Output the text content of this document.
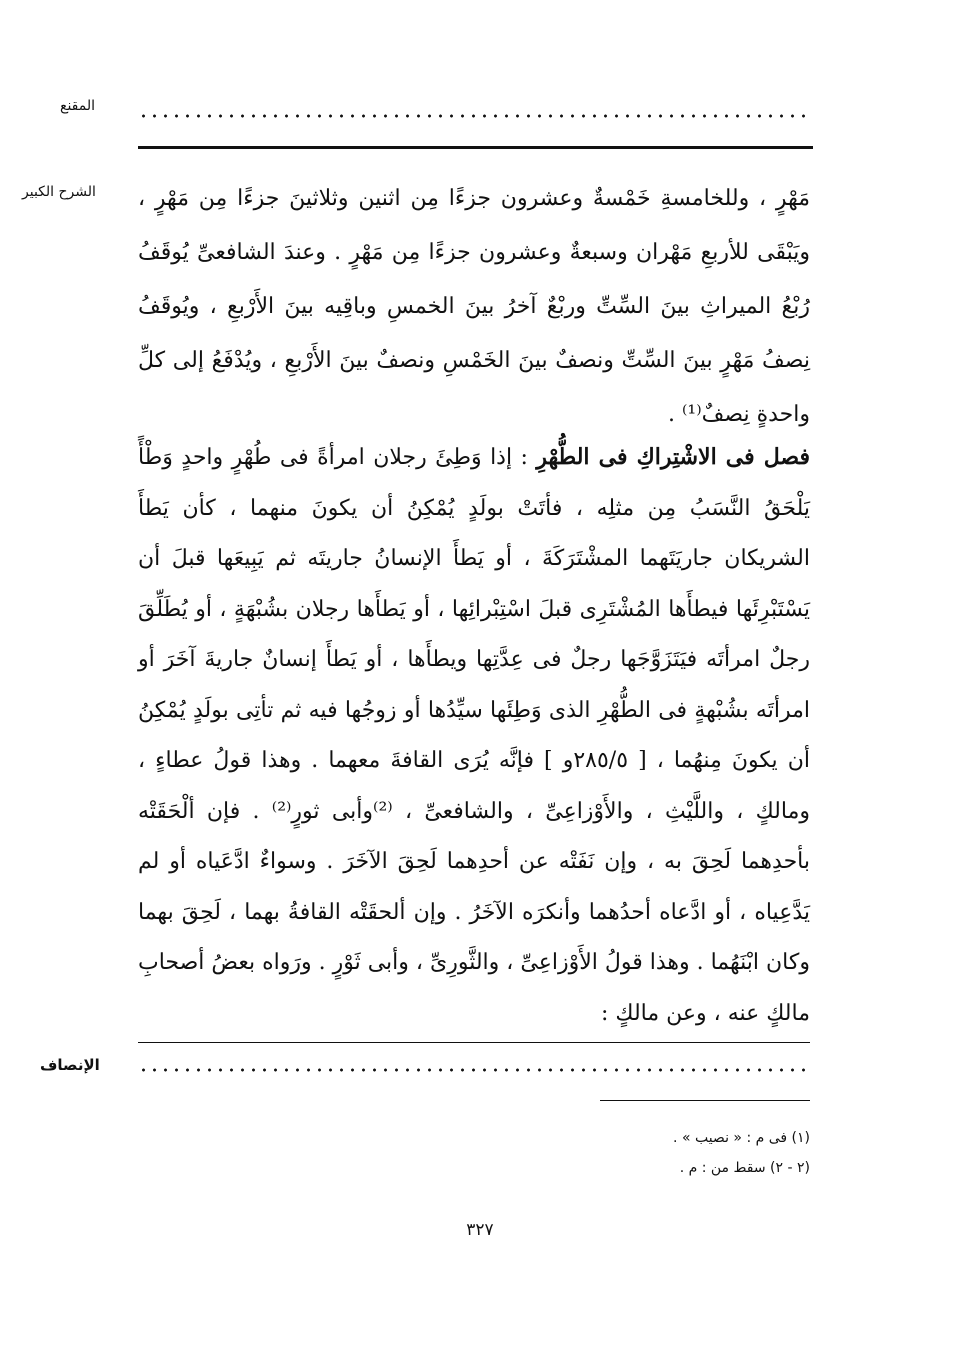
المقنع
الشرح الكبير مَهْرٍ ، وللخامسةِ خَمْسةٌ وعشرون جزءًا مِن اثنين وثلاثينَ جزءًا مِن مَهْرٍ ، ويَبْقَى للأربعِ مَهْران وسبعةٌ وعشرون جزءًا مِن مَهْرٍ . وعندَ الشافعىِّ يُوقَفُ رُبْعُ الميراثِ بينَ السِّتِّ وربْعٌ آخرُ بينَ الخمسِ وباقِيه بينَ الأَرْبعِ ، ويُوقَفُ نِصفُ مَهْرٍ بينَ السِّتِّ ونصفٌ بينَ الخَمْسِ ونصفٌ بينَ الأَرْبعِ ، ويُدْفَعُ إلى كلِّ واحدةٍ نِصفٌ⁽¹⁾ .

فصل فى الاشْتِراكِ فى الطُّهْرِ : إذا وَطِئَ رجلان امرأةً فى طُهْرٍ واحدٍ وَطْأً يَلْحَقُ النَّسَبُ مِن مثلِه ، فأتَتْ بولَدٍ يُمْكِنُ أن يكونَ منهما ، كأن يَطأَ الشريكان جاريَتَهما المشْتَرَكَةَ ، أو يَطأَ الإنسانُ جاريتَه ثم يَبِيعَها قبلَ أن يَسْتَبْرِئَها فيطأَها المُشْتَرِى قبلَ اسْتِبْرائِها ، أو يَطأَها رجلان بشُبْهَةٍ ، أو يُطَلِّقَ رجلٌ امرأتَه فيَتَزَوَّجَها رجلٌ فى عِدَّتِها ويطأَها ، أو يَطأَ إنسانٌ جاريةَ آخَرَ أو امرأتَه بشُبْهةٍ فى الطُّهْرِ الذى وَطِئَها سيِّدُها أو زوجُها فيه ثم تأتِى بولَدٍ يُمْكِنُ أن يكونَ مِنهُما ، [ ٢٨٥/٥و ] فإنَّه يُرَى القافةَ معهما . وهذا قولُ عطاءٍ ، ومالكٍ ، واللَّيْثِ ، والأَوْزاعِىِّ ، والشافعىِّ ، ⁽²⁾وأبى ثورٍ⁽²⁾ . فإن ألْحَقَتْه بأحدِهما لَحِقَ به ، وإن نَفَتْه عن أحدِهما لَحِقَ الآخَرَ . وسواءٌ ادَّعَياه أو لم يَدَّعِياه ، أو ادَّعاه أحدُهما وأنكرَه الآخَرُ . وإن ألحقَتْه القافةُ بهما ، لَحِقَ بهما وكان ابْنَهُما . وهذا قولُ الأَوْزاعِىِّ ، والثَّورِىِّ ، وأبى ثَوْرٍ . ورَواه بعضُ أصحابِ مالكٍ عنه ، وعن مالكٍ :

الإنصاف
(١) فى م : « نصيب » .
(٢ - ٢) سقط من : م .
٣٢٧
